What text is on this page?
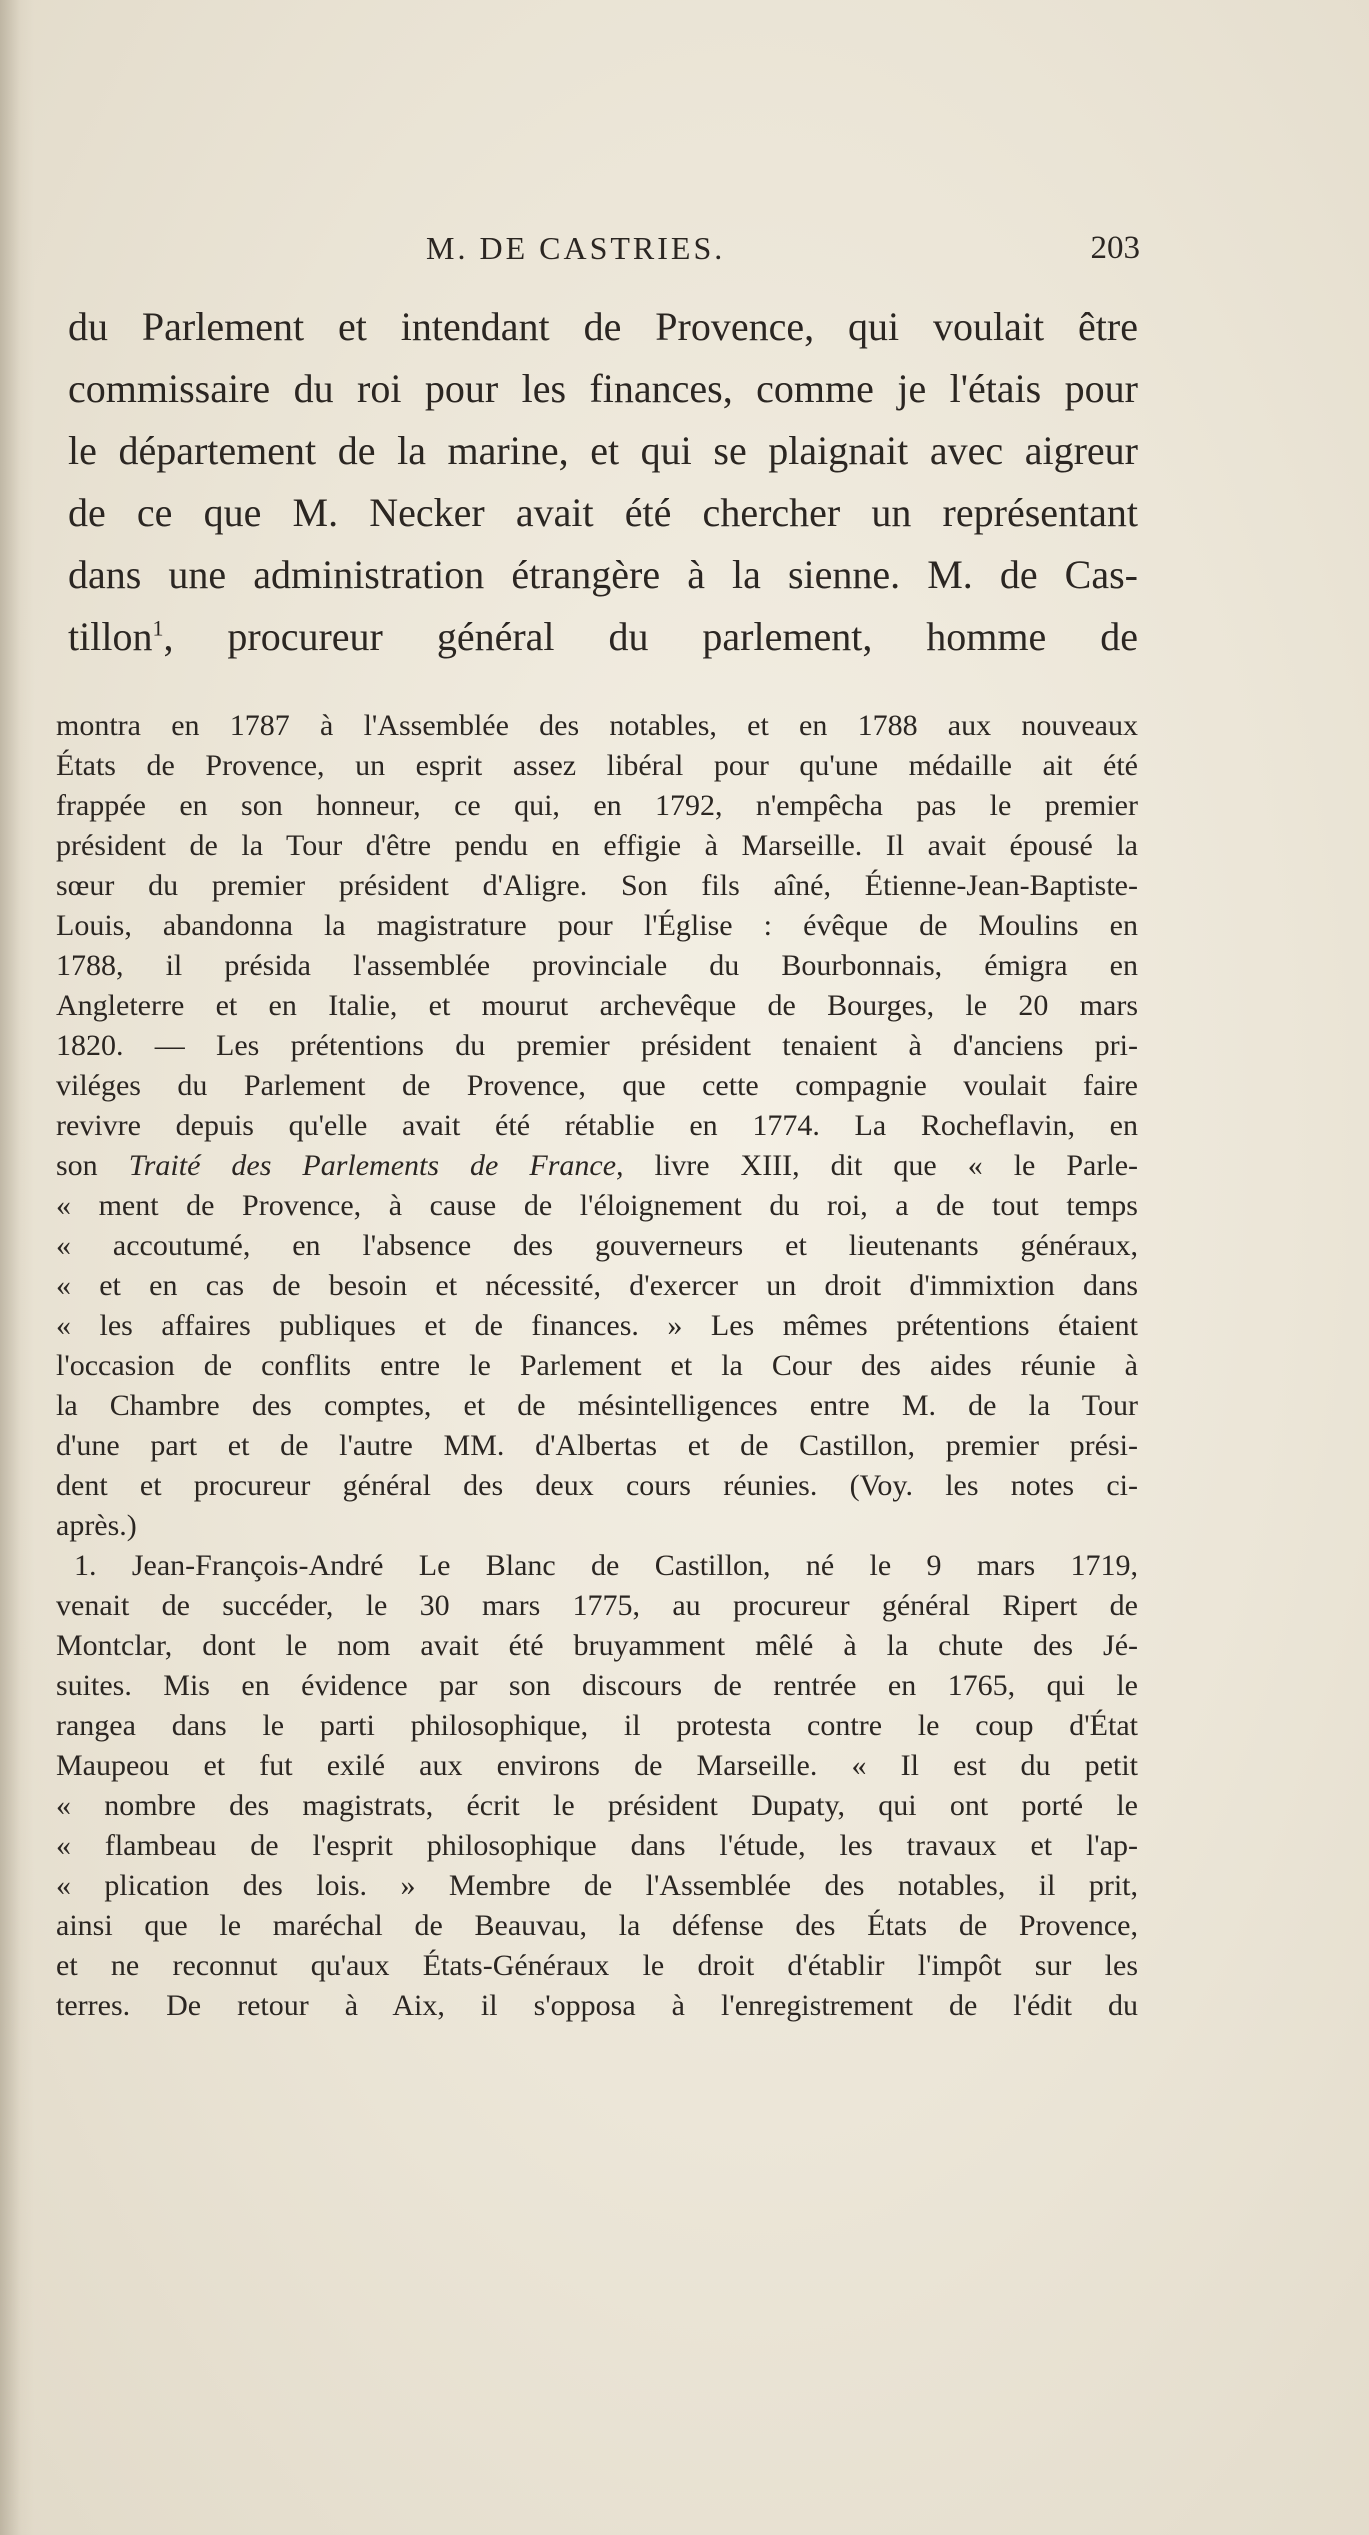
M. DE CASTRIES.	203
du Parlement et intendant de Provence, qui voulait être
commissaire du roi pour les finances, comme je l'étais pour
le département de la marine, et qui se plaignait avec aigreur
de ce que M. Necker avait été chercher un représentant
dans une administration étrangère à la sienne. M. de Cas-
tillon$^1$, procureur général du parlement, homme de
montra en 1787 à l'Assemblée des notables, et en 1788 aux nouveaux
États de Provence, un esprit assez libéral pour qu'une médaille ait été
frappée en son honneur, ce qui, en 1792, n'empêcha pas le premier
président de la Tour d'être pendu en effigie à Marseille. Il avait épousé la
sœur du premier président d'Aligre. Son fils aîné, Étienne-Jean-Baptiste-
Louis, abandonna la magistrature pour l'Église : évêque de Moulins en
1788, il présida l'assemblée provinciale du Bourbonnais, émigra en
Angleterre et en Italie, et mourut archevêque de Bourges, le 20 mars
1820. — Les prétentions du premier président tenaient à d'anciens pri-
viléges du Parlement de Provence, que cette compagnie voulait faire
revivre depuis qu'elle avait été rétablie en 1774. La Rocheflavin, en
son Traité des Parlements de France, livre XIII, dit que « le Parle-
« ment de Provence, à cause de l'éloignement du roi, a de tout temps
« accoutumé, en l'absence des gouverneurs et lieutenants généraux,
« et en cas de besoin et nécessité, d'exercer un droit d'immixtion dans
« les affaires publiques et de finances. » Les mêmes prétentions étaient
l'occasion de conflits entre le Parlement et la Cour des aides réunie à
la Chambre des comptes, et de mésintelligences entre M. de la Tour
d'une part et de l'autre MM. d'Albertas et de Castillon, premier prési-
dent et procureur général des deux cours réunies. (Voy. les notes ci-
après.)
1. Jean-François-André Le Blanc de Castillon, né le 9 mars 1719,
venait de succéder, le 30 mars 1775, au procureur général Ripert de
Montclar, dont le nom avait été bruyamment mêlé à la chute des Jé-
suites. Mis en évidence par son discours de rentrée en 1765, qui le
rangea dans le parti philosophique, il protesta contre le coup d'État
Maupeou et fut exilé aux environs de Marseille. « Il est du petit
« nombre des magistrats, écrit le président Dupaty, qui ont porté le
« flambeau de l'esprit philosophique dans l'étude, les travaux et l'ap-
« plication des lois. » Membre de l'Assemblée des notables, il prit,
ainsi que le maréchal de Beauvau, la défense des États de Provence,
et ne reconnut qu'aux États-Généraux le droit d'établir l'impôt sur les
terres. De retour à Aix, il s'opposa à l'enregistrement de l'édit du
